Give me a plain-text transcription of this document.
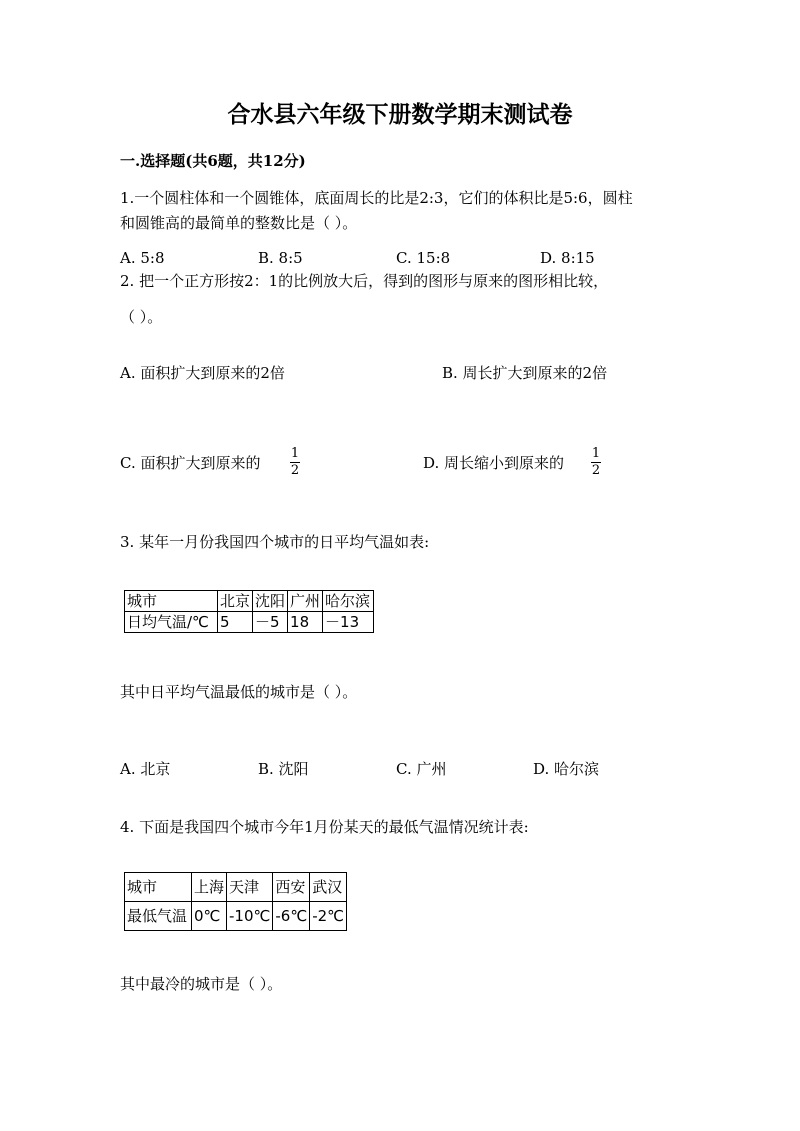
合水县六年级下册数学期末测试卷
一.选择题(共6题，共12分)
1.一个圆柱体和一个圆锥体，底面周长的比是2:3，它们的体积比是5:6，圆柱
和圆锥高的最简单的整数比是（ ）。
A. 5:8	B. 8:5	C. 15:8	D. 8:15
2. 把一个正方形按2：1的比例放大后，得到的图形与原来的图形相比较，
（ ）。
A. 面积扩大到原来的2倍	B. 周长扩大到原来的2倍
C. 面积扩大到原来的
1
2	D. 周长缩小到原来的
1
2
3. 某年一月份我国四个城市的日平均气温如表:
城市	北京	沈阳	广州	哈尔滨
日均气温/℃	5	－5	18	－13
其中日平均气温最低的城市是（ ）。
A. 北京	B. 沈阳	C. 广州	D. 哈尔滨
4. 下面是我国四个城市今年1月份某天的最低气温情况统计表:
城市	上海	天津	西安	武汉
最低气温	0℃	-10℃	-6℃	-2℃
其中最冷的城市是（ ）。
